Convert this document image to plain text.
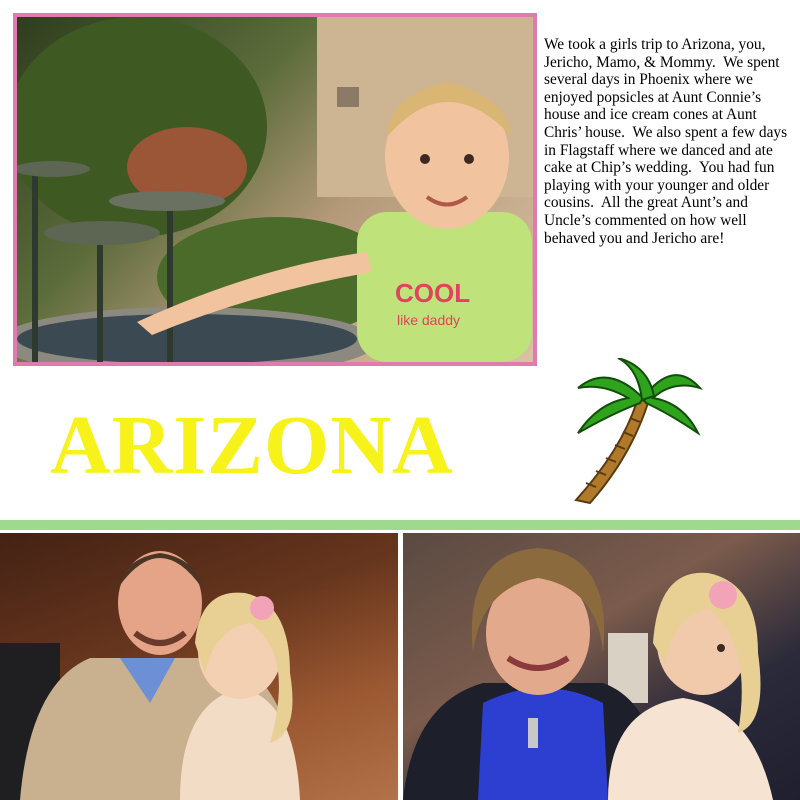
COOL
like daddy

We took a girls trip to Arizona, you, Jericho, Mamo, & Mommy.  We spent several days in Phoenix where we enjoyed popsicles at Aunt Connie’s house and ice cream cones at Aunt Chris’ house.  We also spent a few days in Flagstaff where we danced and ate cake at Chip’s wedding.  You had fun playing with your younger and older cousins.  All the great Aunt’s and Uncle’s commented on how well behaved you and Jericho are!

ARIZONA
